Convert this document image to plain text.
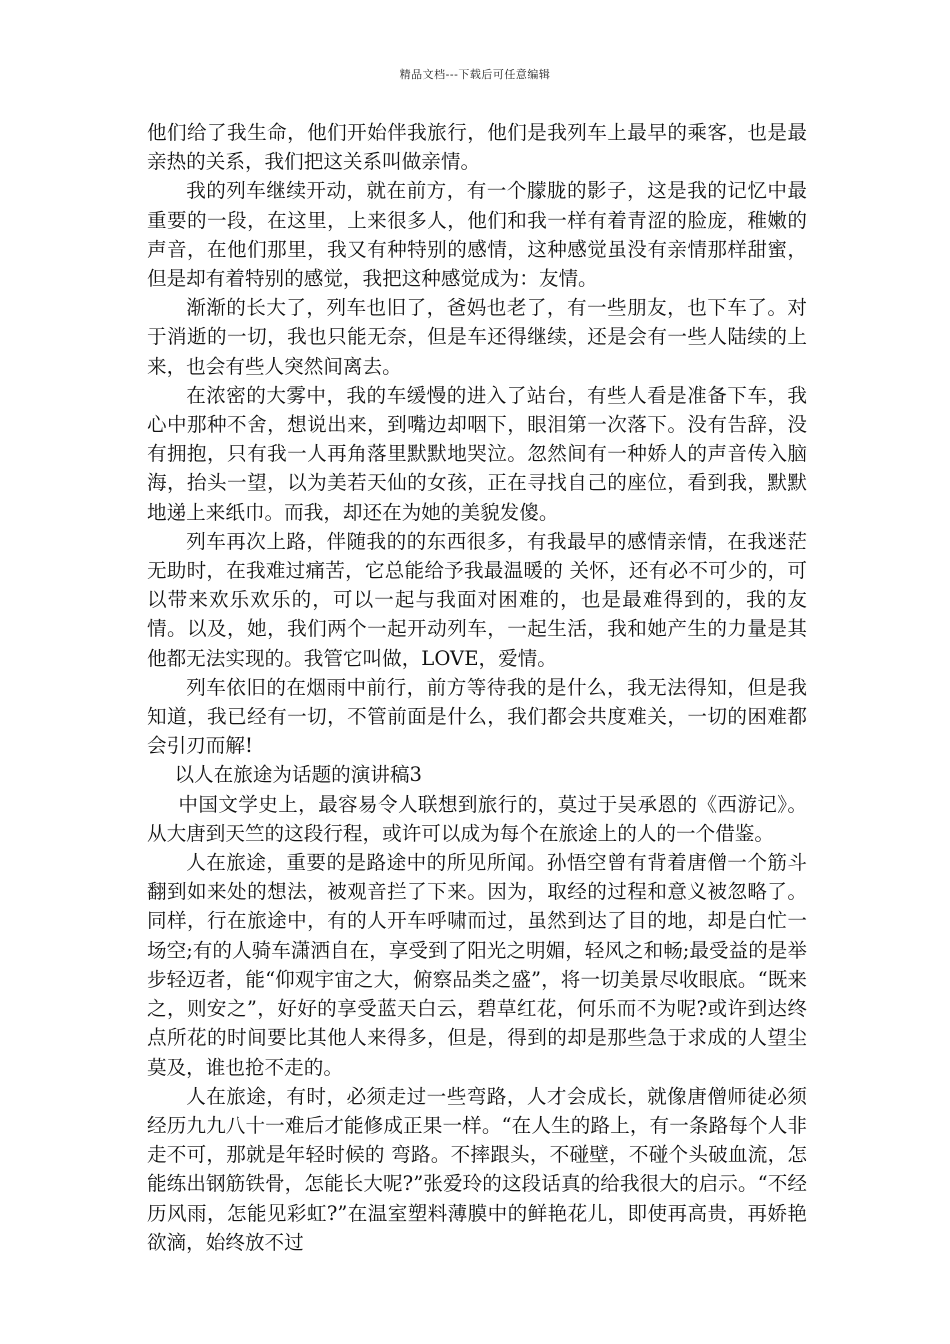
精品文档---下载后可任意编辑

他们给了我生命，他们开始伴我旅行，他们是我列车上最早的乘客，也是最亲热的关系，我们把这关系叫做亲情。

我的列车继续开动，就在前方，有一个朦胧的影子，这是我的记忆中最重要的一段，在这里，上来很多人，他们和我一样有着青涩的脸庞，稚嫩的声音，在他们那里，我又有种特别的感情，这种感觉虽没有亲情那样甜蜜，但是却有着特别的感觉，我把这种感觉成为：友情。

渐渐的长大了，列车也旧了，爸妈也老了，有一些朋友，也下车了。对于消逝的一切，我也只能无奈，但是车还得继续，还是会有一些人陆续的上来，也会有些人突然间离去。

在浓密的大雾中，我的车缓慢的进入了站台，有些人看是准备下车，我心中那种不舍，想说出来，到嘴边却咽下，眼泪第一次落下。没有告辞，没有拥抱，只有我一人再角落里默默地哭泣。忽然间有一种娇人的声音传入脑海，抬头一望，以为美若天仙的女孩，正在寻找自己的座位，看到我，默默地递上来纸巾。而我，却还在为她的美貌发傻。

列车再次上路，伴随我的的东西很多，有我最早的感情亲情，在我迷茫无助时，在我难过痛苦，它总能给予我最温暖的 关怀，还有必不可少的，可以带来欢乐欢乐的，可以一起与我面对困难的，也是最难得到的，我的友情。以及，她，我们两个一起开动列车，一起生活，我和她产生的力量是其他都无法实现的。我管它叫做，LOVE，爱情。

列车依旧的在烟雨中前行，前方等待我的是什么，我无法得知，但是我知道，我已经有一切，不管前面是什么，我们都会共度难关，一切的困难都会引刃而解!

以人在旅途为话题的演讲稿3

中国文学史上，最容易令人联想到旅行的，莫过于吴承恩的《西游记》。从大唐到天竺的这段行程，或许可以成为每个在旅途上的人的一个借鉴。

人在旅途，重要的是路途中的所见所闻。孙悟空曾有背着唐僧一个筋斗翻到如来处的想法，被观音拦了下来。因为，取经的过程和意义被忽略了。同样，行在旅途中，有的人开车呼啸而过，虽然到达了目的地，却是白忙一场空;有的人骑车潇洒自在，享受到了阳光之明媚，轻风之和畅;最受益的是举步轻迈者，能“仰观宇宙之大，俯察品类之盛”，将一切美景尽收眼底。“既来之，则安之”，好好的享受蓝天白云，碧草红花，何乐而不为呢?或许到达终点所花的时间要比其他人来得多，但是，得到的却是那些急于求成的人望尘莫及，谁也抢不走的。

人在旅途，有时，必须走过一些弯路，人才会成长，就像唐僧师徒必须经历九九八十一难后才能修成正果一样。“在人生的路上，有一条路每个人非走不可，那就是年轻时候的 弯路。不摔跟头，不碰壁，不碰个头破血流，怎能练出钢筋铁骨，怎能长大呢?”张爱玲的这段话真的给我很大的启示。“不经历风雨，怎能见彩虹?”在温室塑料薄膜中的鲜艳花儿，即使再高贵，再娇艳欲滴，始终放不过
